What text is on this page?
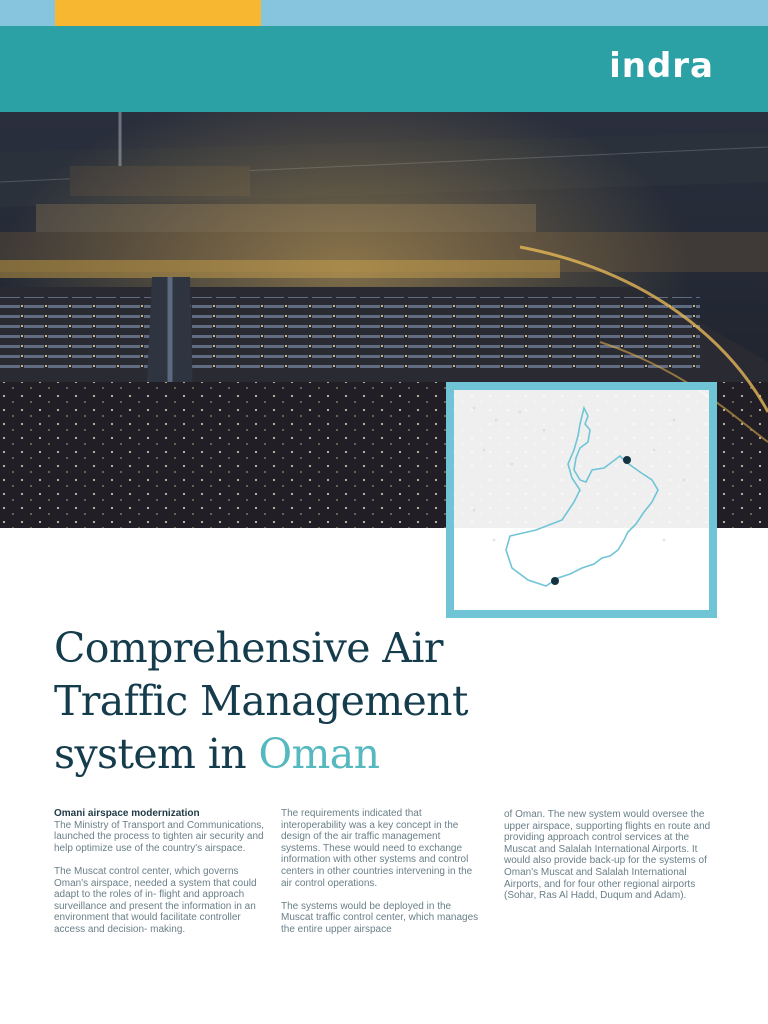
indra
Comprehensive Air
Traffic Management
system in Oman

Omani airspace modernization
The Ministry of Transport and Communications, launched the process to tighten air security and help optimize use of the country's airspace.

The Muscat control center, which governs Oman's airspace, needed a system that could adapt to the roles of in- flight and approach surveillance and present the information in an environment that would facilitate controller access and decision- making.

The requirements indicated that interoperability was a key concept in the design of the air traffic management systems. These would need to exchange information with other systems and control centers in other countries intervening in the air control operations.

The systems would be deployed in the Muscat traffic control center, which manages the entire upper airspace

of Oman. The new system would oversee the upper airspace, supporting flights en route and providing approach control services at the Muscat and Salalah International Airports. It would also provide back-up for the systems of Oman's Muscat and Salalah International Airports, and for four other regional airports (Sohar, Ras Al Hadd, Duqum and Adam).
